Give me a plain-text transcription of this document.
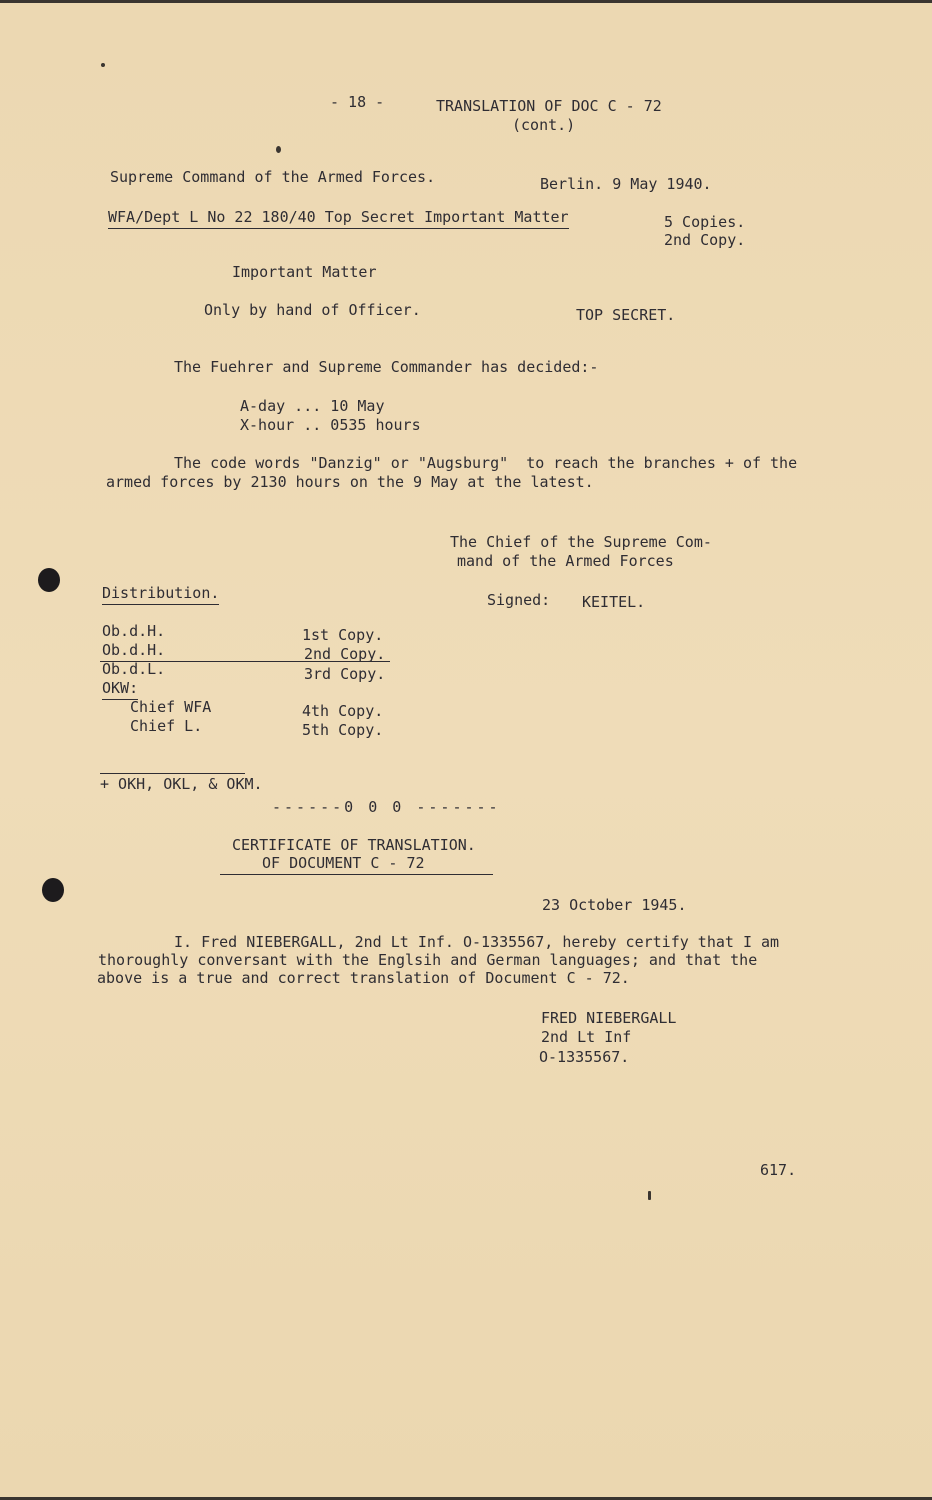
- 18 -	TRANSLATION OF DOC C - 72
(cont.)
Supreme Command of the Armed Forces.	Berlin. 9 May 1940.
WFA/Dept L No 22 180/40 Top Secret Important Matter	5 Copies.
2nd Copy.
Important Matter
Only by hand of Officer.	TOP SECRET.
The Fuehrer and Supreme Commander has decided:-
A-day ... 10 May
X-hour .. 0535 hours
The code words "Danzig" or "Augsburg"  to reach the branches + of the
armed forces by 2130 hours on the 9 May at the latest.
The Chief of the Supreme Com-
mand of the Armed Forces
Signed: KEITEL.
Distribution.
Ob.d.H.	1st Copy.
Ob.d.H.	2nd Copy.
Ob.d.L.	3rd Copy.
OKW:
Chief WFA	4th Copy.
Chief L.	5th Copy.
+ OKH, OKL, & OKM.
------0 0 0 -------
CERTIFICATE OF TRANSLATION.
OF DOCUMENT C - 72
23 October 1945.
I. Fred NIEBERGALL, 2nd Lt Inf. O-1335567, hereby certify that I am
thoroughly conversant with the Englsih and German languages; and that the
above is a true and correct translation of Document C - 72.
FRED NIEBERGALL
2nd Lt Inf
O-1335567.
617.
